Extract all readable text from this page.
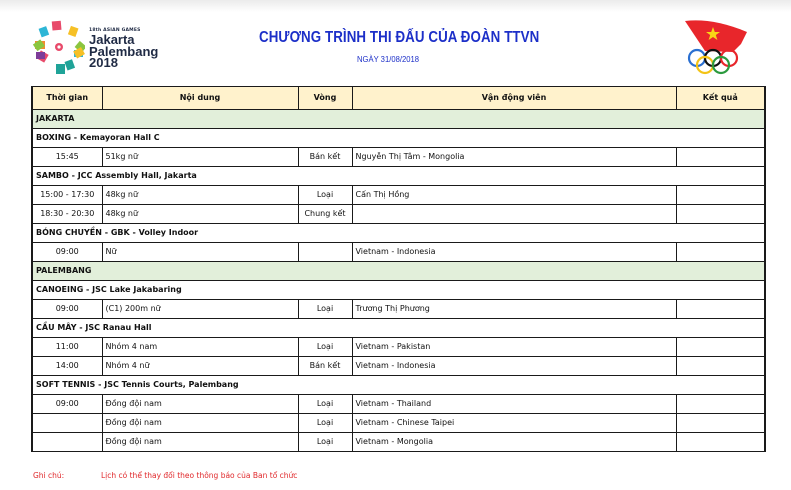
18th ASIAN GAMES
Jakarta
Palembang
2018
CHƯƠNG TRÌNH THI ĐẤU CỦA ĐOÀN TTVN
NGÀY 31/08/2018
Thời gian	Nội dung	Vòng	Vận động viên	Kết quả
JAKARTA				
BOXING - Kemayoran Hall C				
15:45	51kg nữ	Bán kết	Nguyễn Thị Tâm - Mongolia	
SAMBO - JCC Assembly Hall, Jakarta				
15:00 - 17:30	48kg nữ	Loại	Cấn Thị Hồng	
18:30 - 20:30	48kg nữ	Chung kết		
BÓNG CHUYỀN - GBK - Volley Indoor				
09:00	Nữ		Vietnam - Indonesia	
PALEMBANG				
CANOEING - JSC Lake Jakabaring				
09:00	(C1) 200m nữ	Loại	Trương Thị Phương	
CẦU MÂY - JSC Ranau Hall				
11:00	Nhóm 4 nam	Loại	Vietnam - Pakistan	
14:00	Nhóm 4 nữ	Bán kết	Vietnam - Indonesia	
SOFT TENNIS - JSC Tennis Courts, Palembang				
09:00	Đồng đội nam	Loại	Vietnam - Thailand	
	Đồng đội nam	Loại	Vietnam - Chinese Taipei	
	Đồng đội nam	Loại	Vietnam - Mongolia	
Ghi chú:	Lịch có thể thay đổi theo thông báo của Ban tổ chức
